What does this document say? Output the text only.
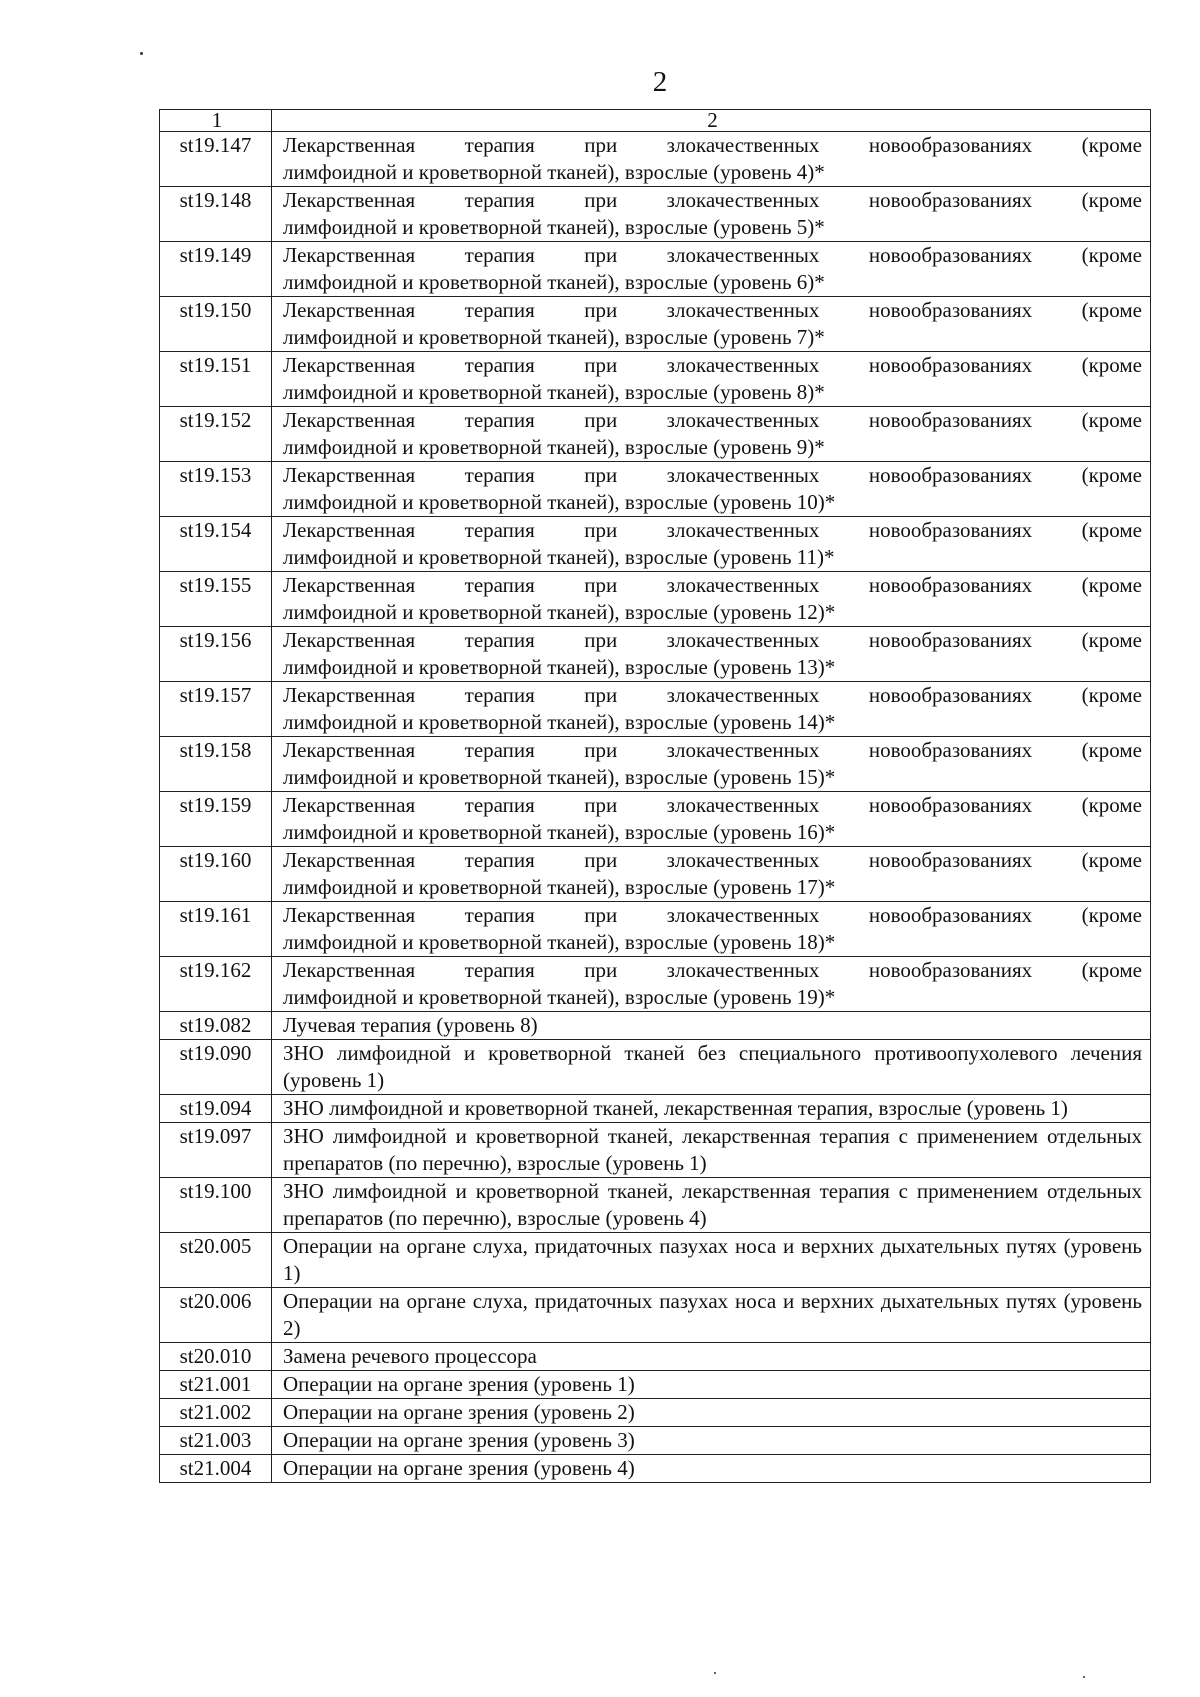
2
1	2
st19.147	Лекарственная терапия при злокачественных новообразованиях (кроме
лимфоидной и кроветворной тканей), взрослые (уровень 4)*
st19.148	Лекарственная терапия при злокачественных новообразованиях (кроме
лимфоидной и кроветворной тканей), взрослые (уровень 5)*
st19.149	Лекарственная терапия при злокачественных новообразованиях (кроме
лимфоидной и кроветворной тканей), взрослые (уровень 6)*
st19.150	Лекарственная терапия при злокачественных новообразованиях (кроме
лимфоидной и кроветворной тканей), взрослые (уровень 7)*
st19.151	Лекарственная терапия при злокачественных новообразованиях (кроме
лимфоидной и кроветворной тканей), взрослые (уровень 8)*
st19.152	Лекарственная терапия при злокачественных новообразованиях (кроме
лимфоидной и кроветворной тканей), взрослые (уровень 9)*
st19.153	Лекарственная терапия при злокачественных новообразованиях (кроме
лимфоидной и кроветворной тканей), взрослые (уровень 10)*
st19.154	Лекарственная терапия при злокачественных новообразованиях (кроме
лимфоидной и кроветворной тканей), взрослые (уровень 11)*
st19.155	Лекарственная терапия при злокачественных новообразованиях (кроме
лимфоидной и кроветворной тканей), взрослые (уровень 12)*
st19.156	Лекарственная терапия при злокачественных новообразованиях (кроме
лимфоидной и кроветворной тканей), взрослые (уровень 13)*
st19.157	Лекарственная терапия при злокачественных новообразованиях (кроме
лимфоидной и кроветворной тканей), взрослые (уровень 14)*
st19.158	Лекарственная терапия при злокачественных новообразованиях (кроме
лимфоидной и кроветворной тканей), взрослые (уровень 15)*
st19.159	Лекарственная терапия при злокачественных новообразованиях (кроме
лимфоидной и кроветворной тканей), взрослые (уровень 16)*
st19.160	Лекарственная терапия при злокачественных новообразованиях (кроме
лимфоидной и кроветворной тканей), взрослые (уровень 17)*
st19.161	Лекарственная терапия при злокачественных новообразованиях (кроме
лимфоидной и кроветворной тканей), взрослые (уровень 18)*
st19.162	Лекарственная терапия при злокачественных новообразованиях (кроме
лимфоидной и кроветворной тканей), взрослые (уровень 19)*
st19.082	Лучевая терапия (уровень 8)
st19.090	ЗНО лимфоидной и кроветворной тканей без специального противоопухолевого лечения (уровень 1)
st19.094	ЗНО лимфоидной и кроветворной тканей, лекарственная терапия, взрослые (уровень 1)
st19.097	ЗНО лимфоидной и кроветворной тканей, лекарственная терапия с применением отдельных препаратов (по перечню), взрослые (уровень 1)
st19.100	ЗНО лимфоидной и кроветворной тканей, лекарственная терапия с применением отдельных препаратов (по перечню), взрослые (уровень 4)
st20.005	Операции на органе слуха, придаточных пазухах носа и верхних дыхательных путях (уровень 1)
st20.006	Операции на органе слуха, придаточных пазухах носа и верхних дыхательных путях (уровень 2)
st20.010	Замена речевого процессора
st21.001	Операции на органе зрения (уровень 1)
st21.002	Операции на органе зрения (уровень 2)
st21.003	Операции на органе зрения (уровень 3)
st21.004	Операции на органе зрения (уровень 4)
